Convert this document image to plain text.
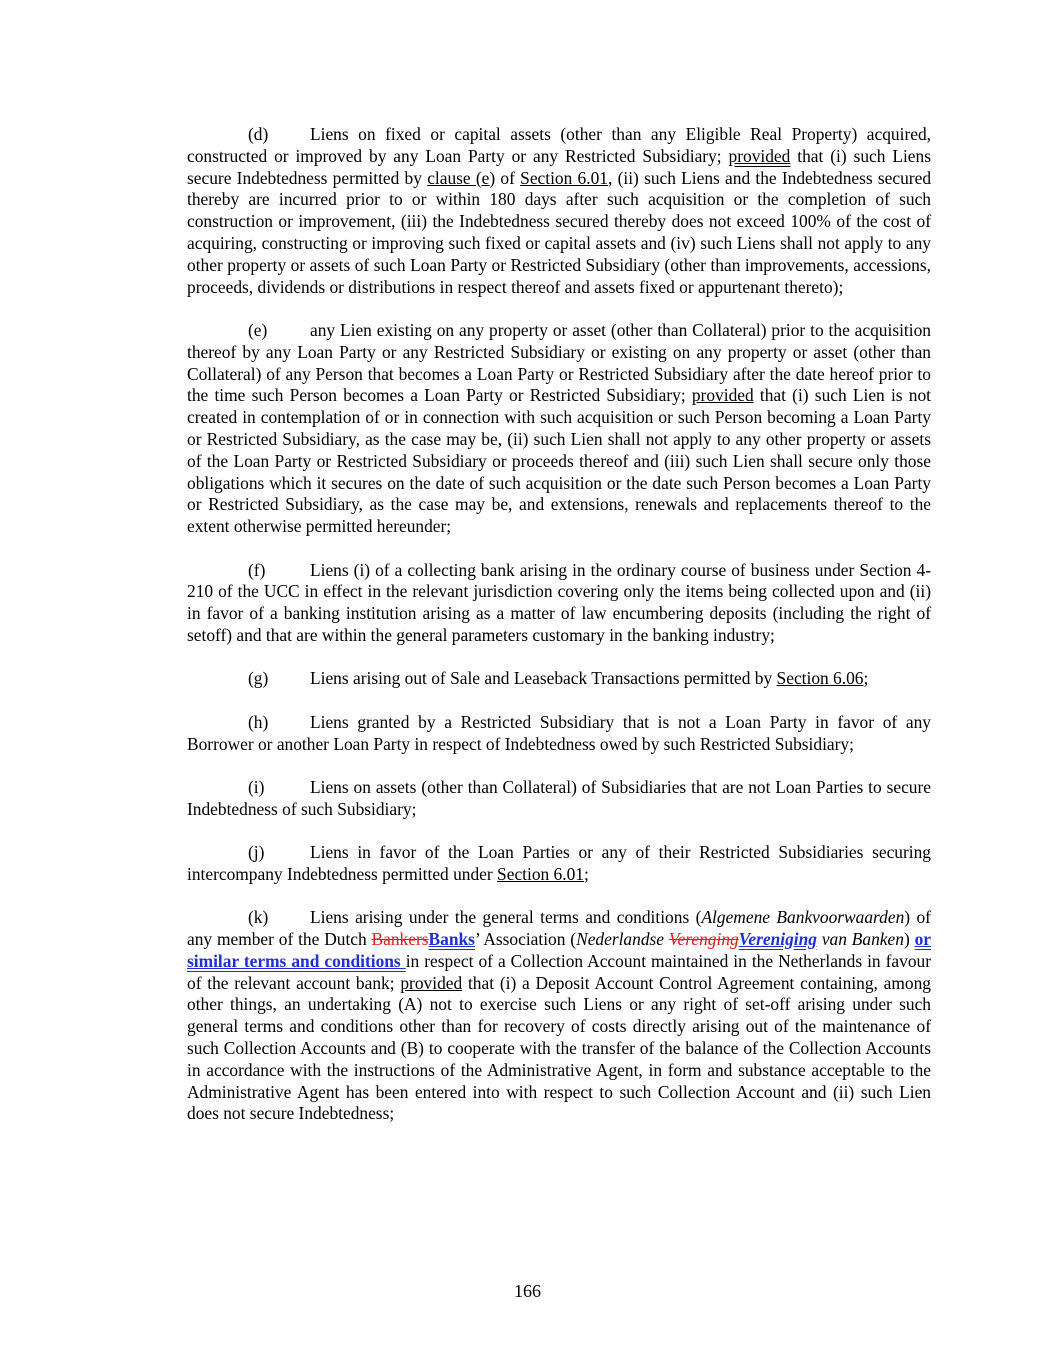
(d) Liens on fixed or capital assets (other than any Eligible Real Property) acquired, constructed or improved by any Loan Party or any Restricted Subsidiary; provided that (i) such Liens secure Indebtedness permitted by clause (e) of Section 6.01, (ii) such Liens and the Indebtedness secured thereby are incurred prior to or within 180 days after such acquisition or the completion of such construction or improvement, (iii) the Indebtedness secured thereby does not exceed 100% of the cost of acquiring, constructing or improving such fixed or capital assets and (iv) such Liens shall not apply to any other property or assets of such Loan Party or Restricted Subsidiary (other than improvements, accessions, proceeds, dividends or distributions in respect thereof and assets fixed or appurtenant thereto);

(e) any Lien existing on any property or asset (other than Collateral) prior to the acquisition thereof by any Loan Party or any Restricted Subsidiary or existing on any property or asset (other than Collateral) of any Person that becomes a Loan Party or Restricted Subsidiary after the date hereof prior to the time such Person becomes a Loan Party or Restricted Subsidiary; provided that (i) such Lien is not created in contemplation of or in connection with such acquisition or such Person becoming a Loan Party or Restricted Subsidiary, as the case may be, (ii) such Lien shall not apply to any other property or assets of the Loan Party or Restricted Subsidiary or proceeds thereof and (iii) such Lien shall secure only those obligations which it secures on the date of such acquisition or the date such Person becomes a Loan Party or Restricted Subsidiary, as the case may be, and extensions, renewals and replacements thereof to the extent otherwise permitted hereunder;

(f)	Liens (i) of a collecting bank arising in the ordinary course of business under Section 4-210 of the UCC in effect in the relevant jurisdiction covering only the items being collected upon and (ii) in favor of a banking institution arising as a matter of law encumbering deposits (including the right of setoff) and that are within the general parameters customary in the banking industry;

(g) Liens arising out of Sale and Leaseback Transactions permitted by Section 6.06;

(h) Liens granted by a Restricted Subsidiary that is not a Loan Party in favor of any Borrower or another Loan Party in respect of Indebtedness owed by such Restricted Subsidiary;

(i)	Liens on assets (other than Collateral) of Subsidiaries that are not Loan Parties to secure Indebtedness of such Subsidiary;

(j)	Liens in favor of the Loan Parties or any of their Restricted Subsidiaries securing intercompany Indebtedness permitted under Section 6.01;

(k) Liens arising under the general terms and conditions (Algemene Bankvoorwaarden) of any member of the Dutch BankersBanks’ Association (Nederlandse VerengingVereniging van Banken) or similar terms and conditions in respect of a Collection Account maintained in the Netherlands in favour of the relevant account bank; provided that (i) a Deposit Account Control Agreement containing, among other things, an undertaking (A) not to exercise such Liens or any right of set-off arising under such general terms and conditions other than for recovery of costs directly arising out of the maintenance of such Collection Accounts and (B) to cooperate with the transfer of the balance of the Collection Accounts in accordance with the instructions of the Administrative Agent, in form and substance acceptable to the Administrative Agent has been entered into with respect to such Collection Account and (ii) such Lien does not secure Indebtedness;

166
